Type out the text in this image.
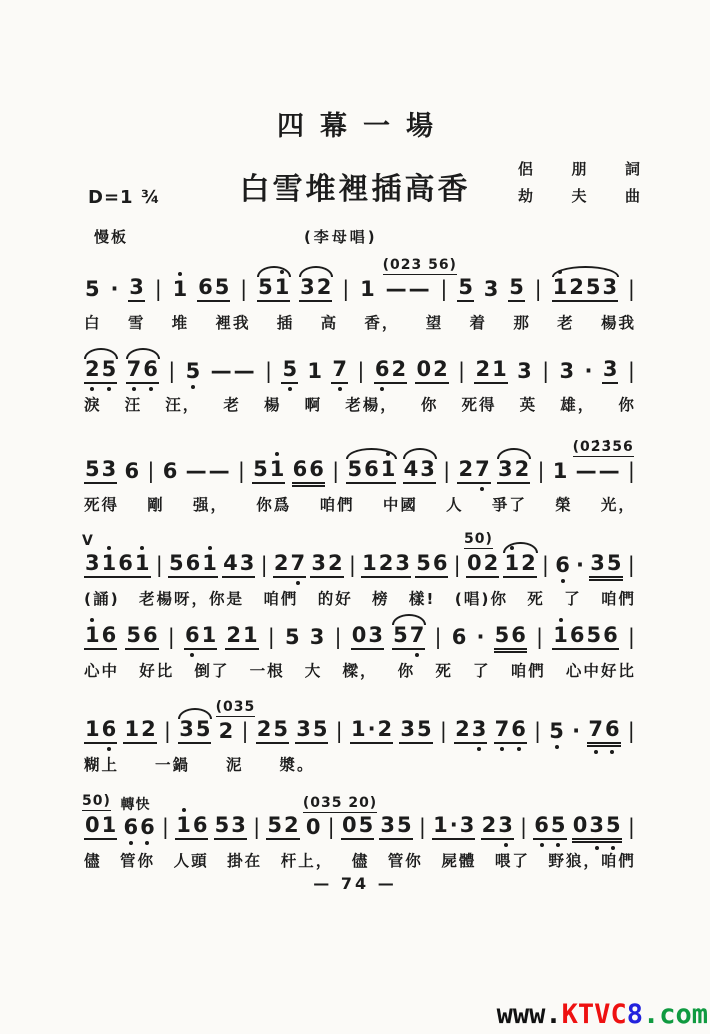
四幕一場
白雪堆裡插高香
侶	朋	詞
劫	夫	曲
D=1 ¾
慢板	(李母唱)
5 · 3 | 1 6 5 | 5 1 3 2 | 1 — —
(023 56)
| 5 3 5 | 1 2 5 3 |
白 雪 堆 裡我 插 高 香， 望 着 那 老 楊我
2 5 7 6 | 5 — — | 5 1 7 | 6 2 0 2 | 2 1 3 | 3 · 3 |
淚 汪 汪， 老 楊 啊 老楊， 你 死得 英 雄， 你
5 3 6 | 6 — — | 5 1 6 6 | 5 6 1 4 3 | 2 7 3 2 | 1 — —
(02̇3̇56
|
死得 剛 强， 你爲 咱們 中國 人 爭了 榮 光，
3 1 6 1
V
| 5 6 1 4 3 | 2 7 3 2 | 1 2 3 5 6 | 0 2
50)
1 2 | 6 · 3 5 |
(誦) 老楊呀，你是 咱們 的好 榜 樣! (唱)你 死 了 咱們
1 6 5 6 | 6 1 2 1 | 5 3 | 0 3 5 7 | 6 · 5 6 | 1 6 5 6 |
心中 好比 倒了 一根 大 樑， 你 死 了 咱們 心中好比
1 6 1 2 | 3 5 2
(035
| 2 5 3 5 | 1 · 2 3 5 | 2 3 7 6 | 5 · 7 6 |
糊上 一鍋 泥 漿。
0 1
50)
6 6
轉快
| 1 6 5 3 | 5 2 0
(035 20)
| 0 5 3 5 | 1 · 3 2 3 | 6 5 0 3 5 |
儘 管你 人頭 掛在 杆上， 儘 管你 屍體 喂了 野狼，咱們
— 74 —
www.KTVC8.com
